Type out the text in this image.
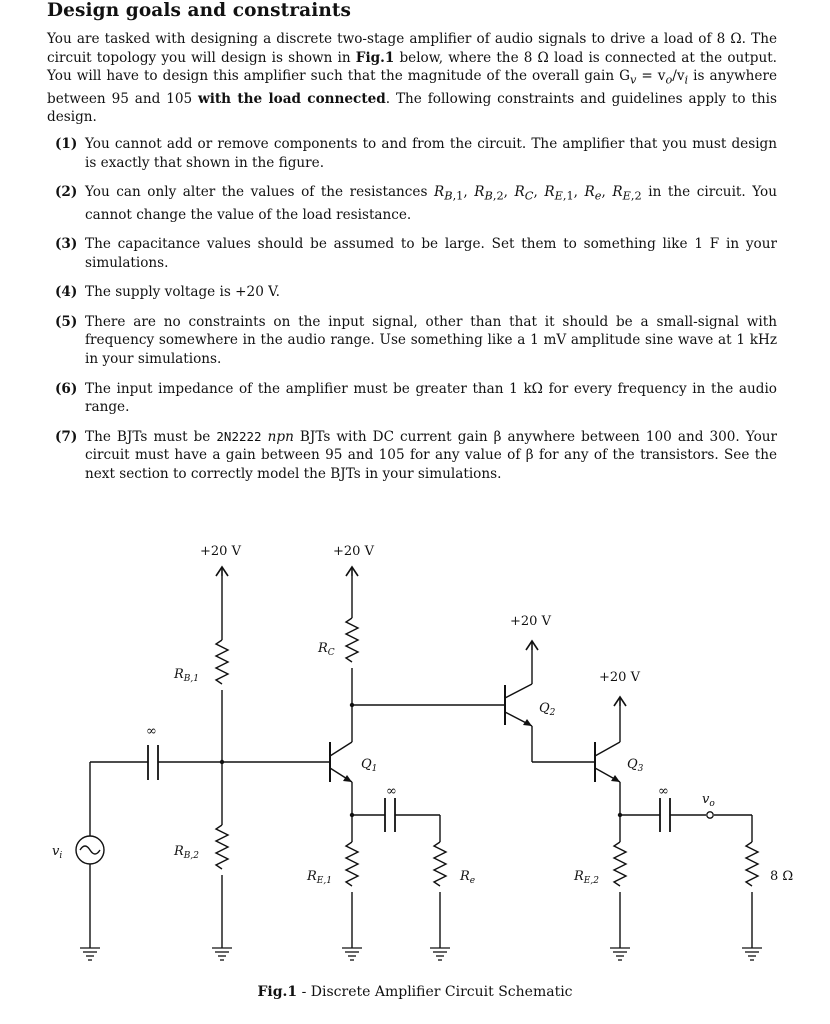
Design goals and constraints

You are tasked with designing a discrete two-stage amplifier of audio signals to drive a load of 8 Ω. The circuit topology you will design is shown in Fig.1 below, where the 8 Ω load is connected at the output. You will have to design this amplifier such that the magnitude of the overall gain $G_v = v_o/v_i$ is anywhere between 95 and 105 with the load connected. The following constraints and guidelines apply to this design.

(1) You cannot add or remove components to and from the circuit. The amplifier that you must design is exactly that shown in the figure.
(2) You can only alter the values of the resistances $R_{B,1}$, $R_{B,2}$, $R_C$, $R_{E,1}$, $R_e$, $R_{E,2}$ in the circuit. You cannot change the value of the load resistance.
(3) The capacitance values should be assumed to be large. Set them to something like 1 F in your simulations.
(4) The supply voltage is +20 V.
(5) There are no constraints on the input signal, other than that it should be a small-signal with frequency somewhere in the audio range. Use something like a 1 mV amplitude sine wave at 1 kHz in your simulations.
(6) The input impedance of the amplifier must be greater than 1 kΩ for every frequency in the audio range.
(7) The BJTs must be 2N2222 npn BJTs with DC current gain β anywhere between 100 and 300. Your circuit must have a gain between 95 and 105 for any value of β for any of the transistors. See the next section to correctly model the BJTs in your simulations.
+20 V	+20 V
+20 V
+20 V
∞
∞	∞
$v_i$
$v_o$
$R_{B,1}$
$R_{B,2}$
$R_C$
$R_{E,1}$	$R_e$	$R_{E,2}$
$Q_1$
$Q_2$
$Q_3$
8 Ω

Fig.1 - Discrete Amplifier Circuit Schematic
